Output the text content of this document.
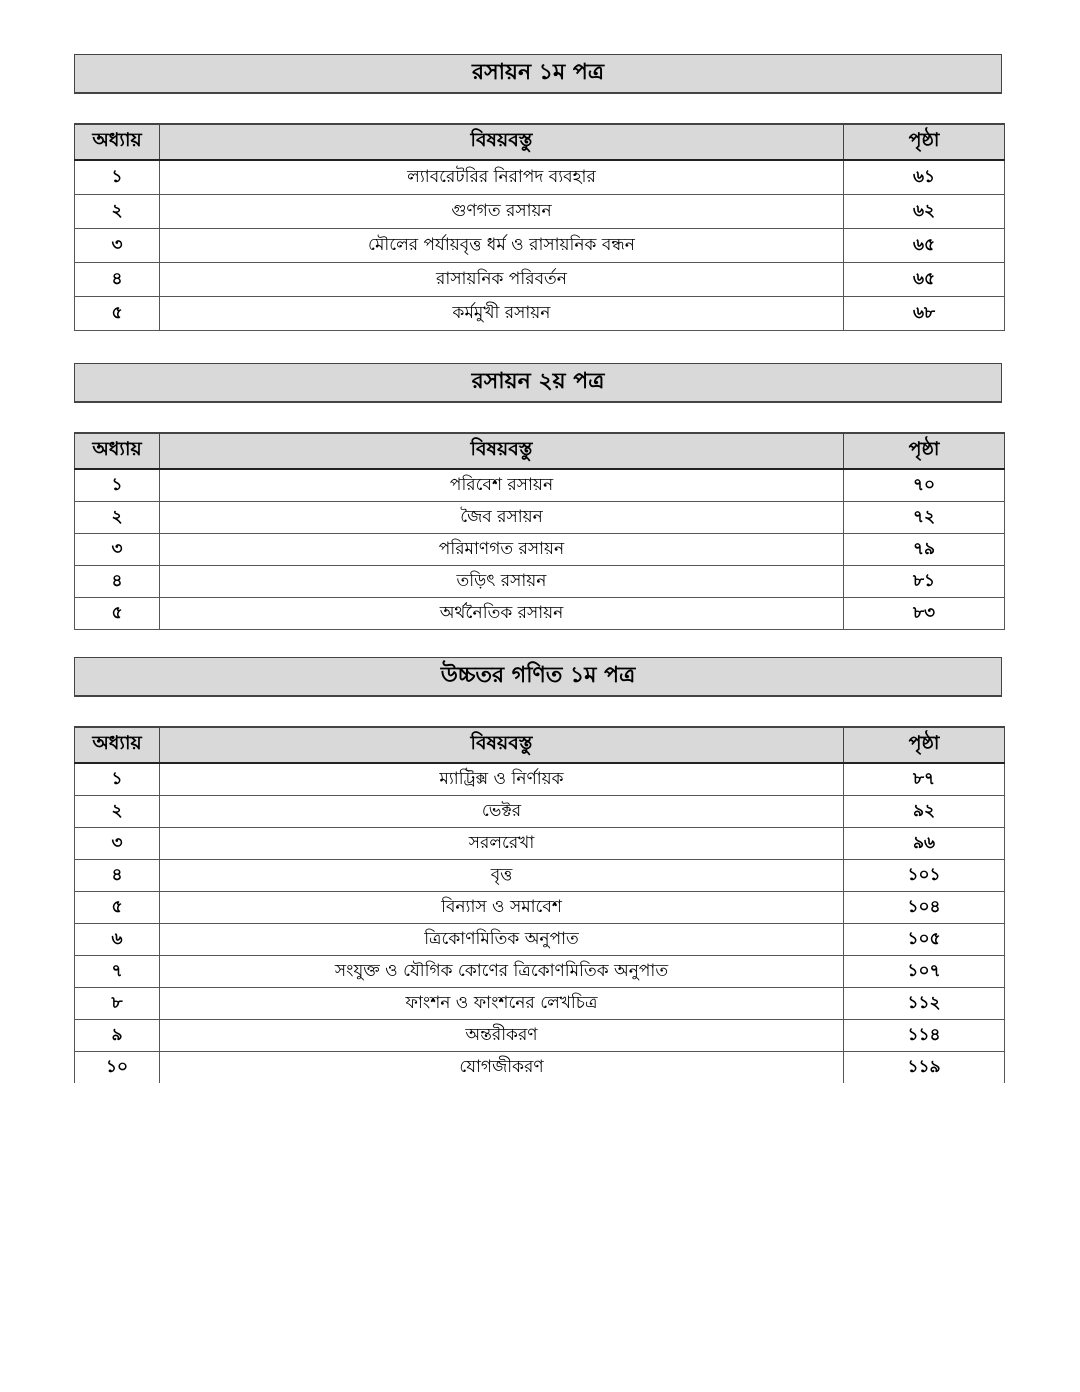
রসায়ন ১ম পত্র
অধ্যায়	বিষয়বস্তু	পৃষ্ঠা
১	ল্যাবরেটরির নিরাপদ ব্যবহার	৬১
২	গুণগত রসায়ন	৬২
৩	মৌলের পর্যায়বৃত্ত ধর্ম ও রাসায়নিক বন্ধন	৬৫
৪	রাসায়নিক পরিবর্তন	৬৫
৫	কর্মমুখী রসায়ন	৬৮
রসায়ন ২য় পত্র
অধ্যায়	বিষয়বস্তু	পৃষ্ঠা
১	পরিবেশ রসায়ন	৭০
২	জৈব রসায়ন	৭২
৩	পরিমাণগত রসায়ন	৭৯
৪	তড়িৎ রসায়ন	৮১
৫	অর্থনৈতিক রসায়ন	৮৩
উচ্চতর গণিত ১ম পত্র
অধ্যায়	বিষয়বস্তু	পৃষ্ঠা
১	ম্যাট্রিক্স ও নির্ণায়ক	৮৭
২	ভেক্টর	৯২
৩	সরলরেখা	৯৬
৪	বৃত্ত	১০১
৫	বিন্যাস ও সমাবেশ	১০৪
৬	ত্রিকোণমিতিক অনুপাত	১০৫
৭	সংযুক্ত ও যৌগিক কোণের ত্রিকোণমিতিক অনুপাত	১০৭
৮	ফাংশন ও ফাংশনের লেখচিত্র	১১২
৯	অন্তরীকরণ	১১৪
১০	যোগজীকরণ	১১৯
